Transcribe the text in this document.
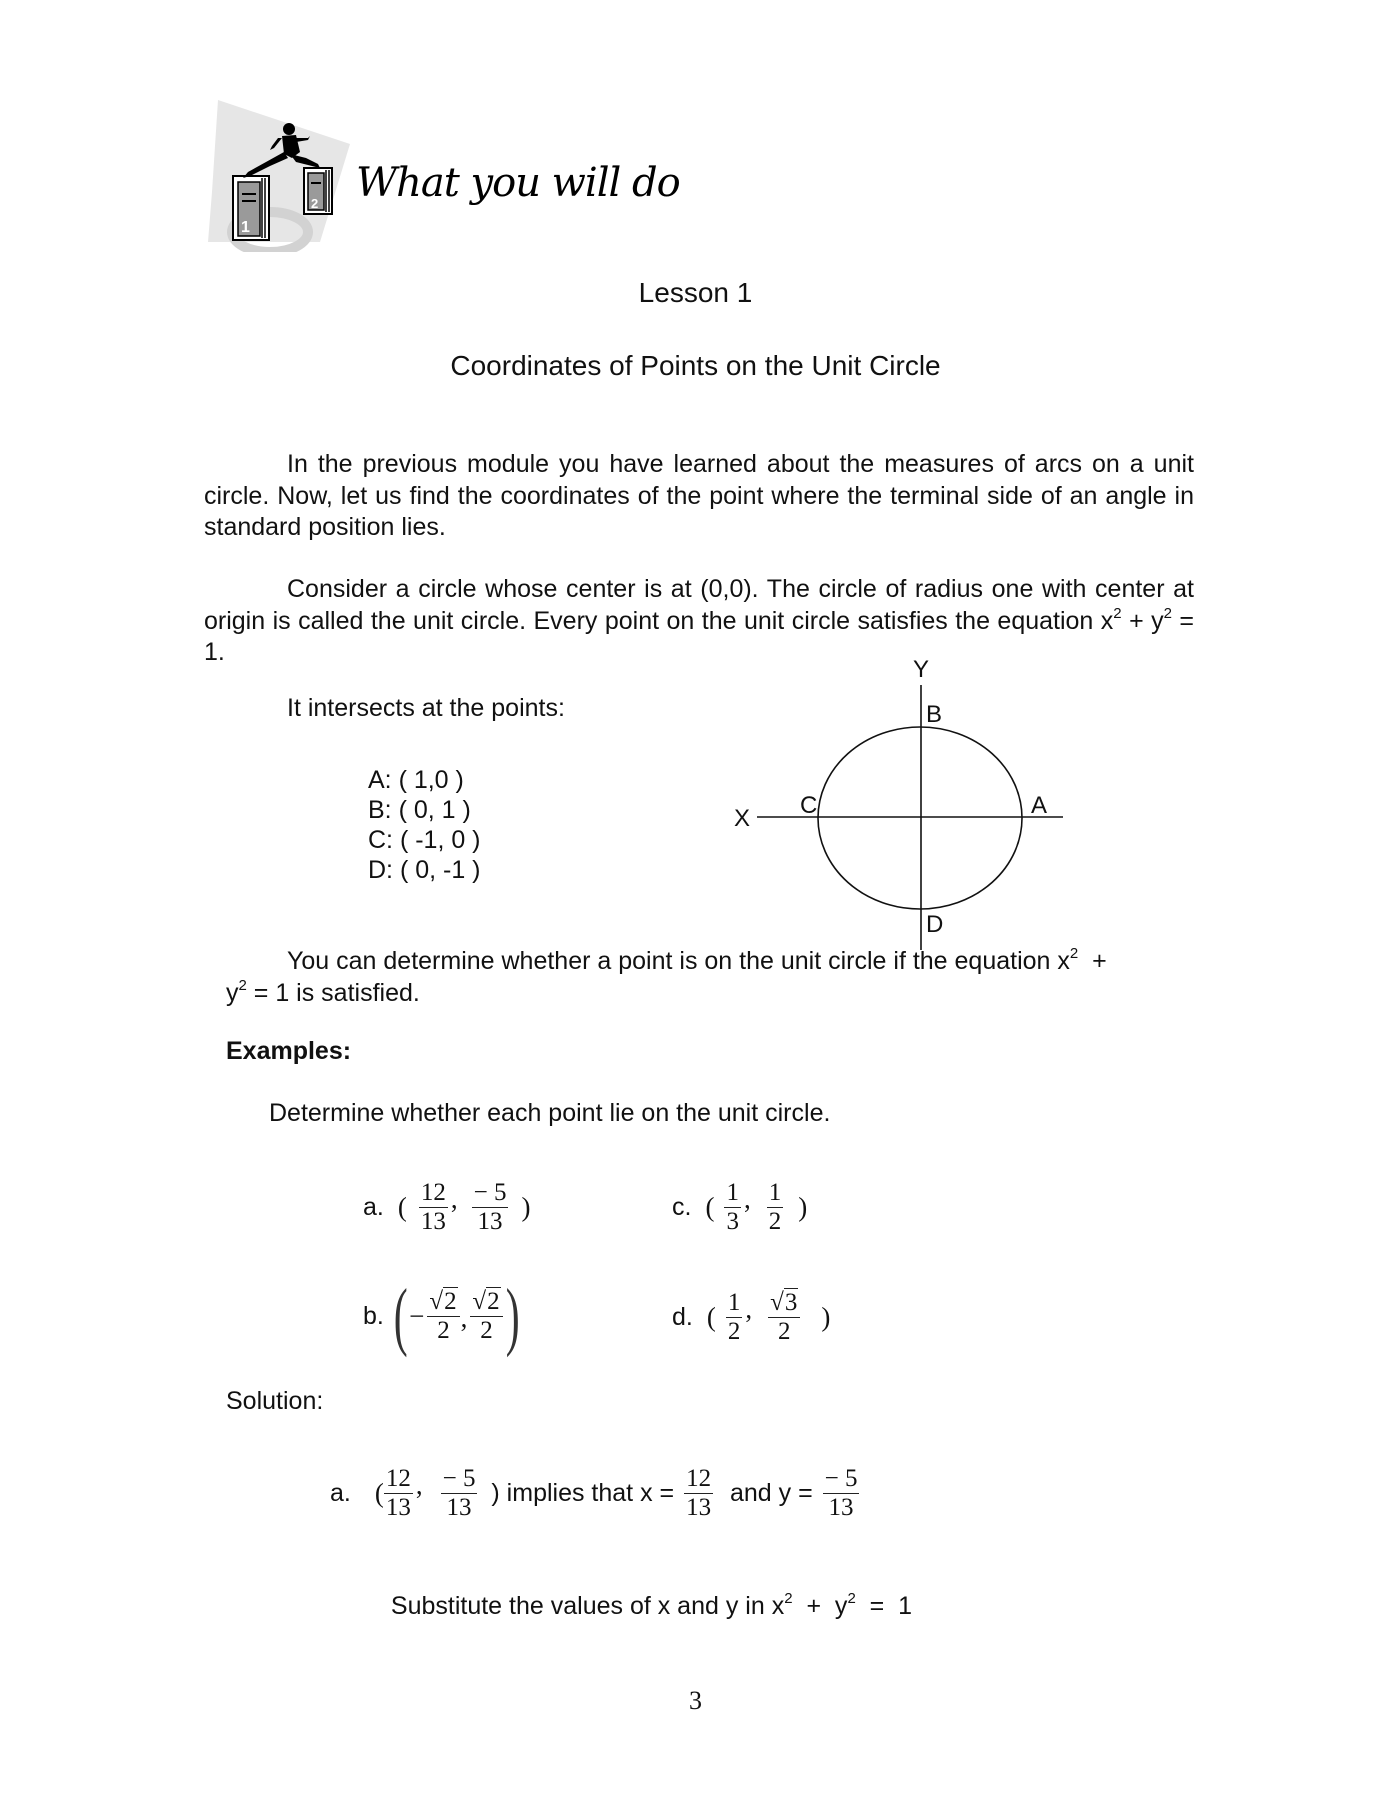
1
2 What you will do
Lesson 1
Coordinates of Points on the Unit Circle

In the previous module you have learned about the measures of arcs on a unit circle. Now, let us find the coordinates of the point where the terminal side of an angle in standard position lies.

Consider a circle whose center is at (0,0). The circle of radius one with center at origin is called the unit circle. Every point on the unit circle satisfies the equation $x^2 + y^2 = 1$.

It intersects at the points:
A: ( 1,0 )
B: ( 0, 1 )
C: ( -1, 0 )
D: ( 0, -1 )
Y
X
B
C	A
D
You can determine whether a point is on the unit circle if the equation $x^2$  +
$y^2 = 1$ is satisfied.
Examples:
Determine whether each point lie on the unit circle.
a. ( $\frac{12}{13}$ , $\frac{- 5}{13}$ )	c. ( $\frac{1}{3}$ , $\frac{1}{2}$ )
b. ( − $\frac{√2}{2}$ , $\frac{√2}{2}$ )	d. ( $\frac{1}{2}$ , $\frac{√3}{2}$ )
Solution:
a. ( $\frac{12}{13}$ , $\frac{- 5}{13}$ ) implies that $x = \frac{12}{13}$ and $y = \frac{- 5}{13}$

Substitute the values of x and y in $x^2 + y^2 = 1$

3
